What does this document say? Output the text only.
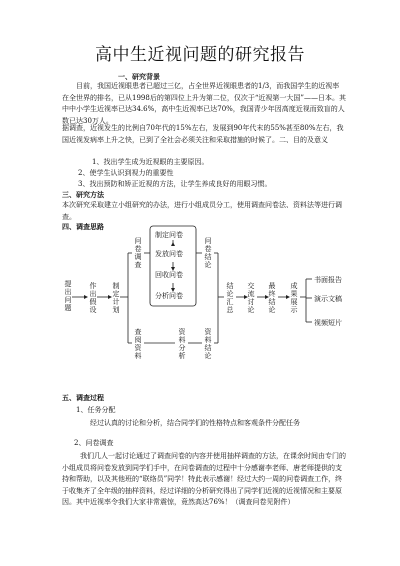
高中生近视问题的研究报告
一、研究背景
目前，我国近视眼患者已超过三亿，占全世界近视眼患者的1/3，而我国学生的近视率在全世界的排名，已从1998后的第四位上升为第二位，仅次于“近视第一大国”——日本。其中中小学生近视率已达34.6%，高中生近视率已达70%，我国青少年因高度近视而致盲的人数已达30万人。
据调查，近视发生的比例自70年代的15%左右，发展到90年代末的55%甚至80%左右，我国近视发病率上升之快，已到了全社会必须关注和采取措施的时候了。二、目的及意义
1、找出学生成为近视眼的主要原因。
2、使学生认识到视力的重要性
3、找出预防和矫正近视的方法，让学生养成良好的用眼习惯。
三、研究方法
本次研究采取建立小组研究的办法，进行小组成员分工，使用调查问卷法、资料法等进行调查。
四、调查思路
提出问题
作出假设
制定计划
问卷调查
制定问卷
发放问卷
回收问卷
分析问卷
问卷结论
查阅资料
资料分析
资料结论
结论汇总
交流讨论
最终结论
成果展示
书面报告
演示文稿
视频短片
五、调查过程
1、任务分配
经过认真的讨论和分析，结合同学们的性格特点和客观条件分配任务
2、问卷调查
我们几人一起讨论通过了调查问卷的内容并使用抽样调查的方法，在课余时间由专门的小组成员将问卷发放到同学们手中，在问卷调查的过程中十分感谢李老师、唐老师提供的支持和帮助，以及其他班的“联络员”同学！特此表示感谢！经过大约一周的问卷调查工作，终于收集齐了全年级的抽样资料，经过详细的分析研究得出了同学们近视的近视情况和主要原因。其中近视率令我们大家非常震惊，竟然高达76%！（调查问卷见附件）
